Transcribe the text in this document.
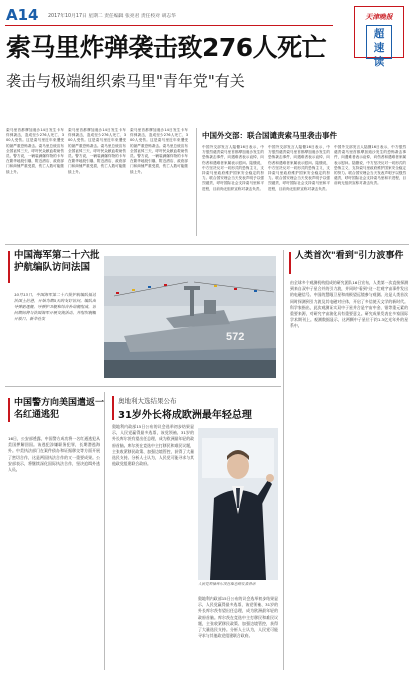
A14 2017年10月17日 星期二 责任编辑 张亮君 责任校对 胡志华	天津晚报
超速读
索马里炸弹袭击致276人死亡
袭击与极端组织索马里"青年党"有关
索马里首都摩加迪沙14日发生卡车炸弹袭击，造成至少276人死亡、300人受伤。这是索马里近年来遭受的最严重恐怖袭击。索马里总统宣布全国哀悼三天，呼吁民众献血救助伤员。警方说，一辆装满爆炸物的卡车在繁华地段引爆，附近酒店、政府部门和商铺严重受损，伤亡人数可能继续上升。
索马里首都摩加迪沙14日发生卡车炸弹袭击，造成至少276人死亡、300人受伤。这是索马里近年来遭受的最严重恐怖袭击。索马里总统宣布全国哀悼三天，呼吁民众献血救助伤员。警方说，一辆装满爆炸物的卡车在繁华地段引爆，附近酒店、政府部门和商铺严重受损，伤亡人数可能继续上升。
索马里首都摩加迪沙14日发生卡车炸弹袭击，造成至少276人死亡、300人受伤。这是索马里近年来遭受的最严重恐怖袭击。索马里总统宣布全国哀悼三天，呼吁民众献血救助伤员。警方说，一辆装满爆炸物的卡车在繁华地段引爆，附近酒店、政府部门和商铺严重受损，伤亡人数可能继续上升。
中国外交部：联合国谴责索马里袭击事件
中国外交部发言人陆慷16日表示，中方强烈谴责索马里首都摩加迪沙发生的恐怖袭击事件，向遇难者表示哀悼，向伤者和遇难者家属表示慰问。陆慷说，中方坚决反对一切形式的恐怖主义，支持索马里政府维护国家安全稳定的努力。联合国安理会当天发表声明予以强烈谴责，呼吁国际社会支持索马里和平进程，目前尚无组织宣称对袭击负责。
中国外交部发言人陆慷16日表示，中方强烈谴责索马里首都摩加迪沙发生的恐怖袭击事件，向遇难者表示哀悼，向伤者和遇难者家属表示慰问。陆慷说，中方坚决反对一切形式的恐怖主义，支持索马里政府维护国家安全稳定的努力。联合国安理会当天发表声明予以强烈谴责，呼吁国际社会支持索马里和平进程，目前尚无组织宣称对袭击负责。
中国外交部发言人陆慷16日表示，中方强烈谴责索马里首都摩加迪沙发生的恐怖袭击事件，向遇难者表示哀悼，向伤者和遇难者家属表示慰问。陆慷说，中方坚决反对一切形式的恐怖主义，支持索马里政府维护国家安全稳定的努力。联合国安理会当天发表声明予以强烈谴责，呼吁国际社会支持索马里和平进程，目前尚无组织宣称对袭击负责。
中国海军第二十六批护航编队访问法国
10月13日，中国海军第二十六批护航编队抵达法国土伦港，开始为期5天的友好访问。编队由导弹驱逐舰、导弹护卫舰和综合补给舰组成，访问期间将与法国海军开展交流活动，并组织舰艇开放日。新华社发
572
人类首次"看到"引力波事件
由全球多个观测机构组成的研究团队16日宣布，人类第一次直接探测到来自双中子星合并的引力波，并同时"看到"这一壮观宇宙事件发出的电磁信号。中国的慧眼卫星和南极望远镜参与观测。这是人类首次同时探测到引力波及其电磁对应体，开启了多信使天文学的新时代。科学家指出，此次观测证实双中子星并合是宇宙中金、银等重元素的重要来源，对研究宇宙演化具有重要意义。研究成果发表在多家国际学术期刊上。观测数据显示，这两颗中子星位于约1.3亿光年外的星系中。
中国警方向美国遣返一名红通逃犯
16日，公安部透露，中国警方成功将一名红通逃犯从美国押解回国。该逃犯涉嫌职务犯罪，长期潜逃海外。中美执法部门在案件侦办和证据移交等方面开展了密切合作，这是两国执法合作的又一重要成果。公安部表示，将继续深化国际执法合作，坚决追缉外逃人员。
奥地利大选结果公布
31岁外长将成欧洲最年轻总理
奥地利内政部15日公布的议会选举初步结果显示，人民党赢得最多选票，该党领袖、31岁的外长库尔茨有望出任总理，成为欧洲最年轻的政府首脑。库尔茨在竞选中主打移民和难民议题，主张收紧移民政策、加强边境管控，获得了大量选民支持。分析人士认为，人民党可能寻求与其他政党组建联合政府。
人民党领袖库尔茨在维也纳发表讲话
奥地利内政部15日公布的议会选举初步结果显示，人民党赢得最多选票，该党领袖、31岁的外长库尔茨有望出任总理，成为欧洲最年轻的政府首脑。库尔茨在竞选中主打移民和难民议题，主张收紧移民政策、加强边境管控，获得了大量选民支持。分析人士认为，人民党可能寻求与其他政党组建联合政府。
